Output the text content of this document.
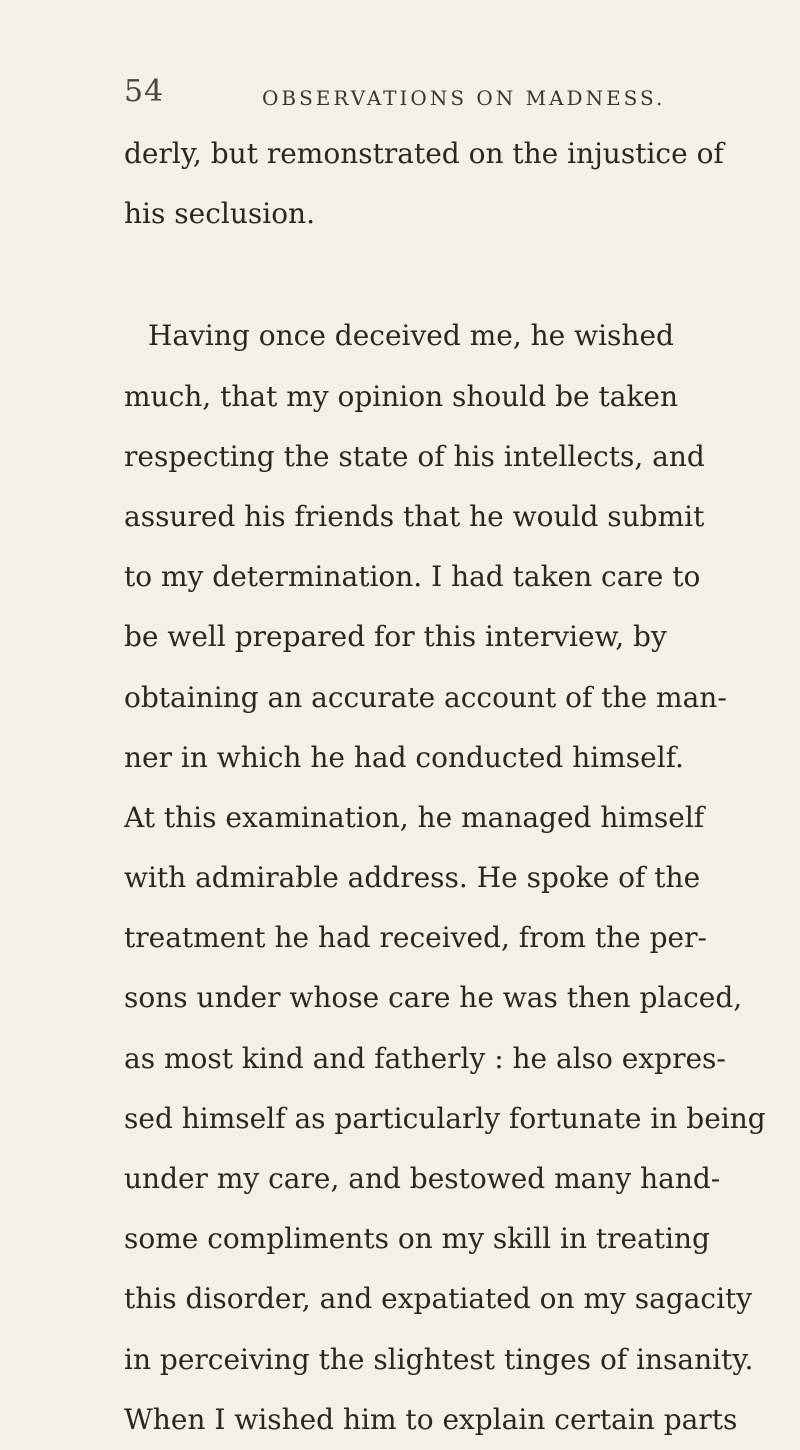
54	OBSERVATIONS ON MADNESS.
derly, but remonstrated on the injustice of
his seclusion.
Having once deceived me, he wished
much, that my opinion should be taken
respecting the state of his intellects, and
assured his friends that he would submit
to my determination. I had taken care to
be well prepared for this interview, by
obtaining an accurate account of the man-
ner in which he had conducted himself.
At this examination, he managed himself
with admirable address. He spoke of the
treatment he had received, from the per-
sons under whose care he was then placed,
as most kind and fatherly : he also expres-
sed himself as particularly fortunate in being
under my care, and bestowed many hand-
some compliments on my skill in treating
this disorder, and expatiated on my sagacity
in perceiving the slightest tinges of insanity.
When I wished him to explain certain parts
